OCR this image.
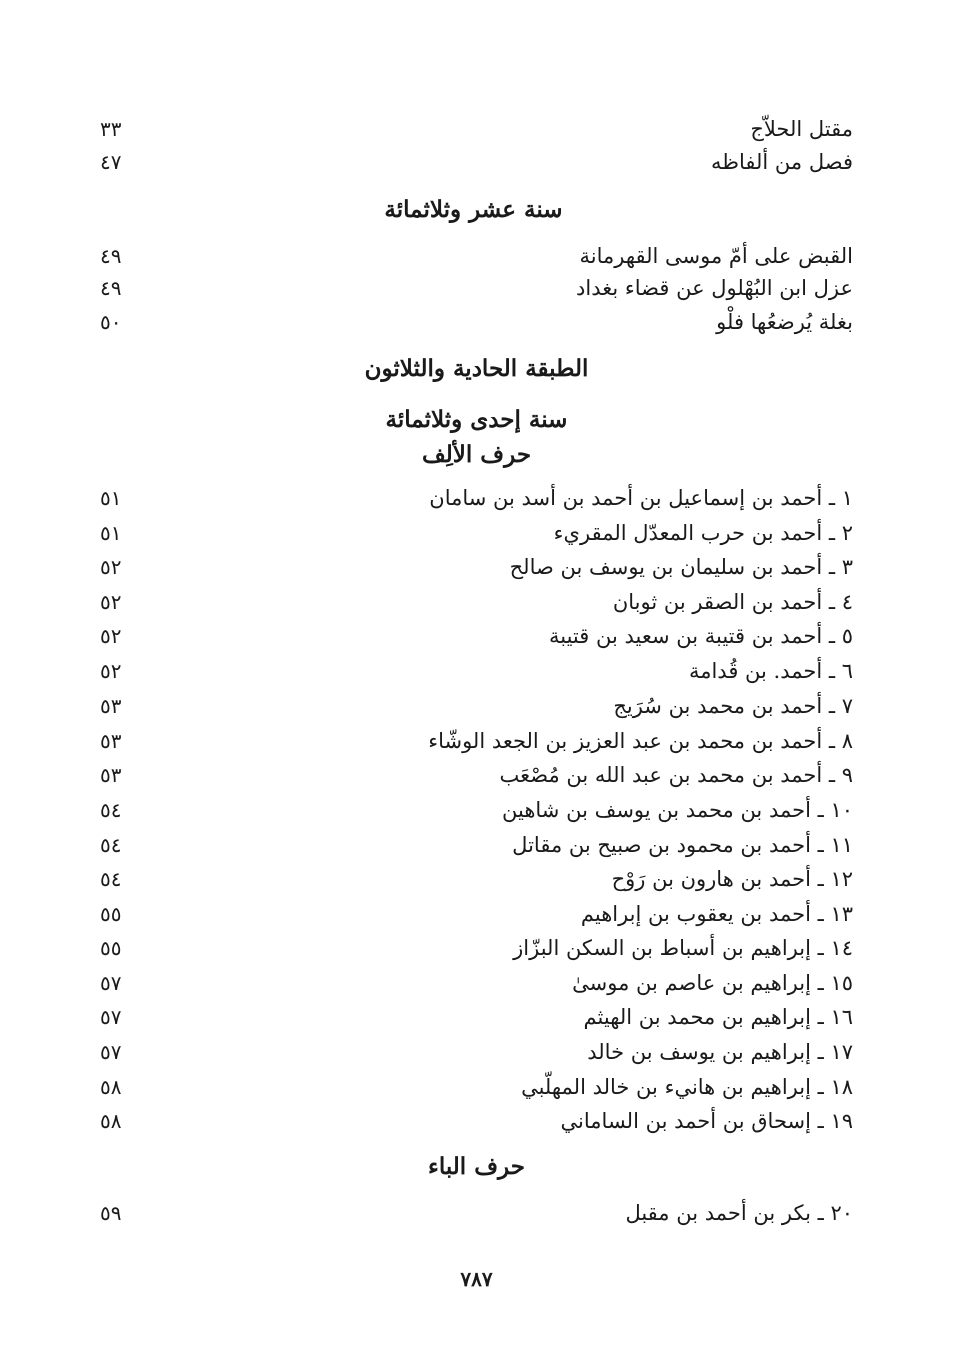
مقتل الحلاّج
٣٣
فصل من ألفاظه
٤٧
سنة عشر وثلاثمائة
القبض على أمّ موسى القهرمانة
٤٩
عزل ابن البُهْلول عن قضاء بغداد
٤٩
بغلة يُرضعُها فلْو
٥٠
الطبقة الحادية والثلاثون
سنة إحدى وثلاثمائة
حرف الألِف
١ ـ أحمد بن إسماعيل بن أحمد بن أسد بن سامان
٥١
٢ ـ أحمد بن حرب المعدّل المقريء
٥١
٣ ـ أحمد بن سليمان بن يوسف بن صالح
٥٢
٤ ـ أحمد بن الصقر بن ثوبان
٥٢
٥ ـ أحمد بن قتيبة بن سعيد بن قتيبة
٥٢
٦ ـ أحمد. بن قُدامة
٥٢
٧ ـ أحمد بن محمد بن سُرَيج
٥٣
٨ ـ أحمد بن محمد بن عبد العزيز بن الجعد الوشّاء
٥٣
٩ ـ أحمد بن محمد بن عبد الله بن مُصْعَب
٥٣
١٠ ـ أحمد بن محمد بن يوسف بن شاهين
٥٤
١١ ـ أحمد بن محمود بن صبيح بن مقاتل
٥٤
١٢ ـ أحمد بن هارون بن رَوْح
٥٤
١٣ ـ أحمد بن يعقوب بن إبراهيم
٥٥
١٤ ـ إبراهيم بن أسباط بن السكن البزّاز
٥٥
١٥ ـ إبراهيم بن عاصم بن موسىٰ
٥٧
١٦ ـ إبراهيم بن محمد بن الهيثم
٥٧
١٧ ـ إبراهيم بن يوسف بن خالد
٥٧
١٨ ـ إبراهيم بن هانيء بن خالد المهلّبي
٥٨
١٩ ـ إسحاق بن أحمد بن الساماني
٥٨
حرف الباء
٢٠ ـ بكر بن أحمد بن مقبل
٥٩
٧٨٧
